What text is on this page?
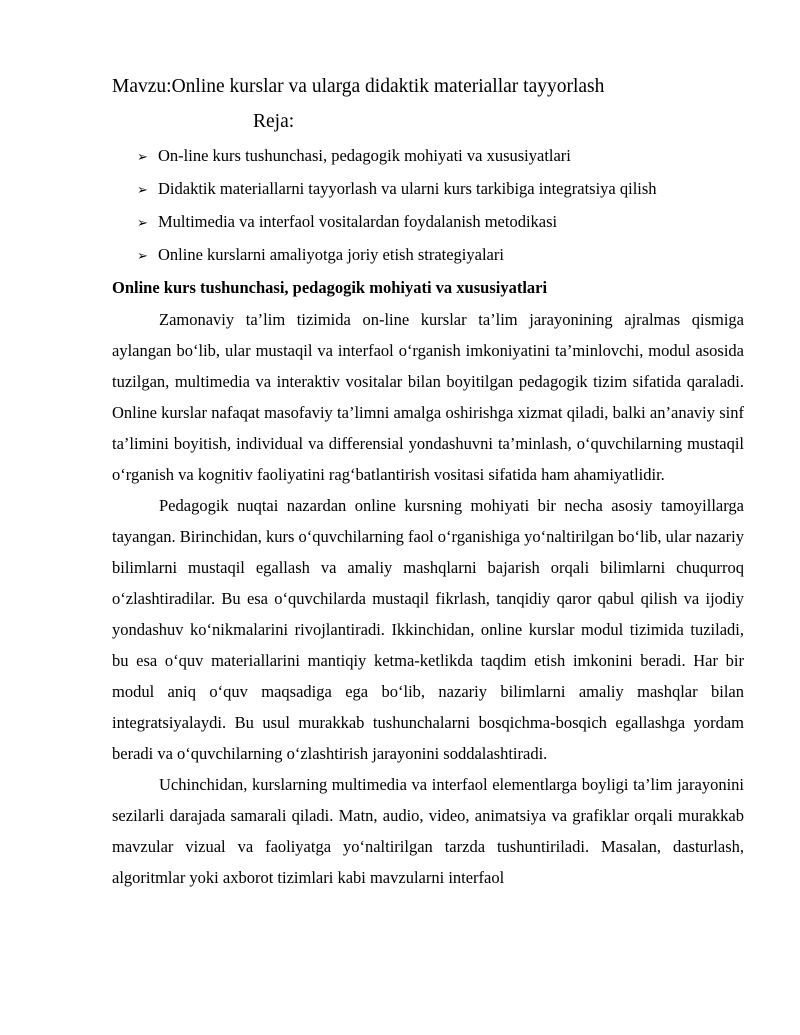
Mavzu:Online kurslar va ularga didaktik materiallar tayyorlash

Reja:

➢ On-line kurs tushunchasi, pedagogik mohiyati va xususiyatlari
➢ Didaktik materiallarni tayyorlash va ularni kurs tarkibiga integratsiya qilish
➢ Multimedia va interfaol vositalardan foydalanish metodikasi
➢ Online kurslarni amaliyotga joriy etish strategiyalari

Online kurs tushunchasi, pedagogik mohiyati va xususiyatlari

Zamonaviy ta’lim tizimida on-line kurslar ta’lim jarayonining ajralmas qismiga aylangan boʻlib, ular mustaqil va interfaol oʻrganish imkoniyatini ta’minlovchi, modul asosida tuzilgan, multimedia va interaktiv vositalar bilan boyitilgan pedagogik tizim sifatida qaraladi. Online kurslar nafaqat masofaviy ta’limni amalga oshirishga xizmat qiladi, balki an’anaviy sinf ta’limini boyitish, individual va differensial yondashuvni ta’minlash, oʻquvchilarning mustaqil oʻrganish va kognitiv faoliyatini ragʻbatlantirish vositasi sifatida ham ahamiyatlidir.

Pedagogik nuqtai nazardan online kursning mohiyati bir necha asosiy tamoyillarga tayangan. Birinchidan, kurs oʻquvchilarning faol oʻrganishiga yoʻnaltirilgan boʻlib, ular nazariy bilimlarni mustaqil egallash va amaliy mashqlarni bajarish orqali bilimlarni chuqurroq oʻzlashtiradilar. Bu esa oʻquvchilarda mustaqil fikrlash, tanqidiy qaror qabul qilish va ijodiy yondashuv koʻnikmalarini rivojlantiradi. Ikkinchidan, online kurslar modul tizimida tuziladi, bu esa oʻquv materiallarini mantiqiy ketma-ketlikda taqdim etish imkonini beradi. Har bir modul aniq oʻquv maqsadiga ega boʻlib, nazariy bilimlarni amaliy mashqlar bilan integratsiyalaydi. Bu usul murakkab tushunchalarni bosqichma-bosqich egallashga yordam beradi va oʻquvchilarning oʻzlashtirish jarayonini soddalashtiradi.

Uchinchidan, kurslarning multimedia va interfaol elementlarga boyligi ta’lim jarayonini sezilarli darajada samarali qiladi. Matn, audio, video, animatsiya va grafiklar orqali murakkab mavzular vizual va faoliyatga yoʻnaltirilgan tarzda tushuntiriladi. Masalan, dasturlash, algoritmlar yoki axborot tizimlari kabi mavzularni interfaol
